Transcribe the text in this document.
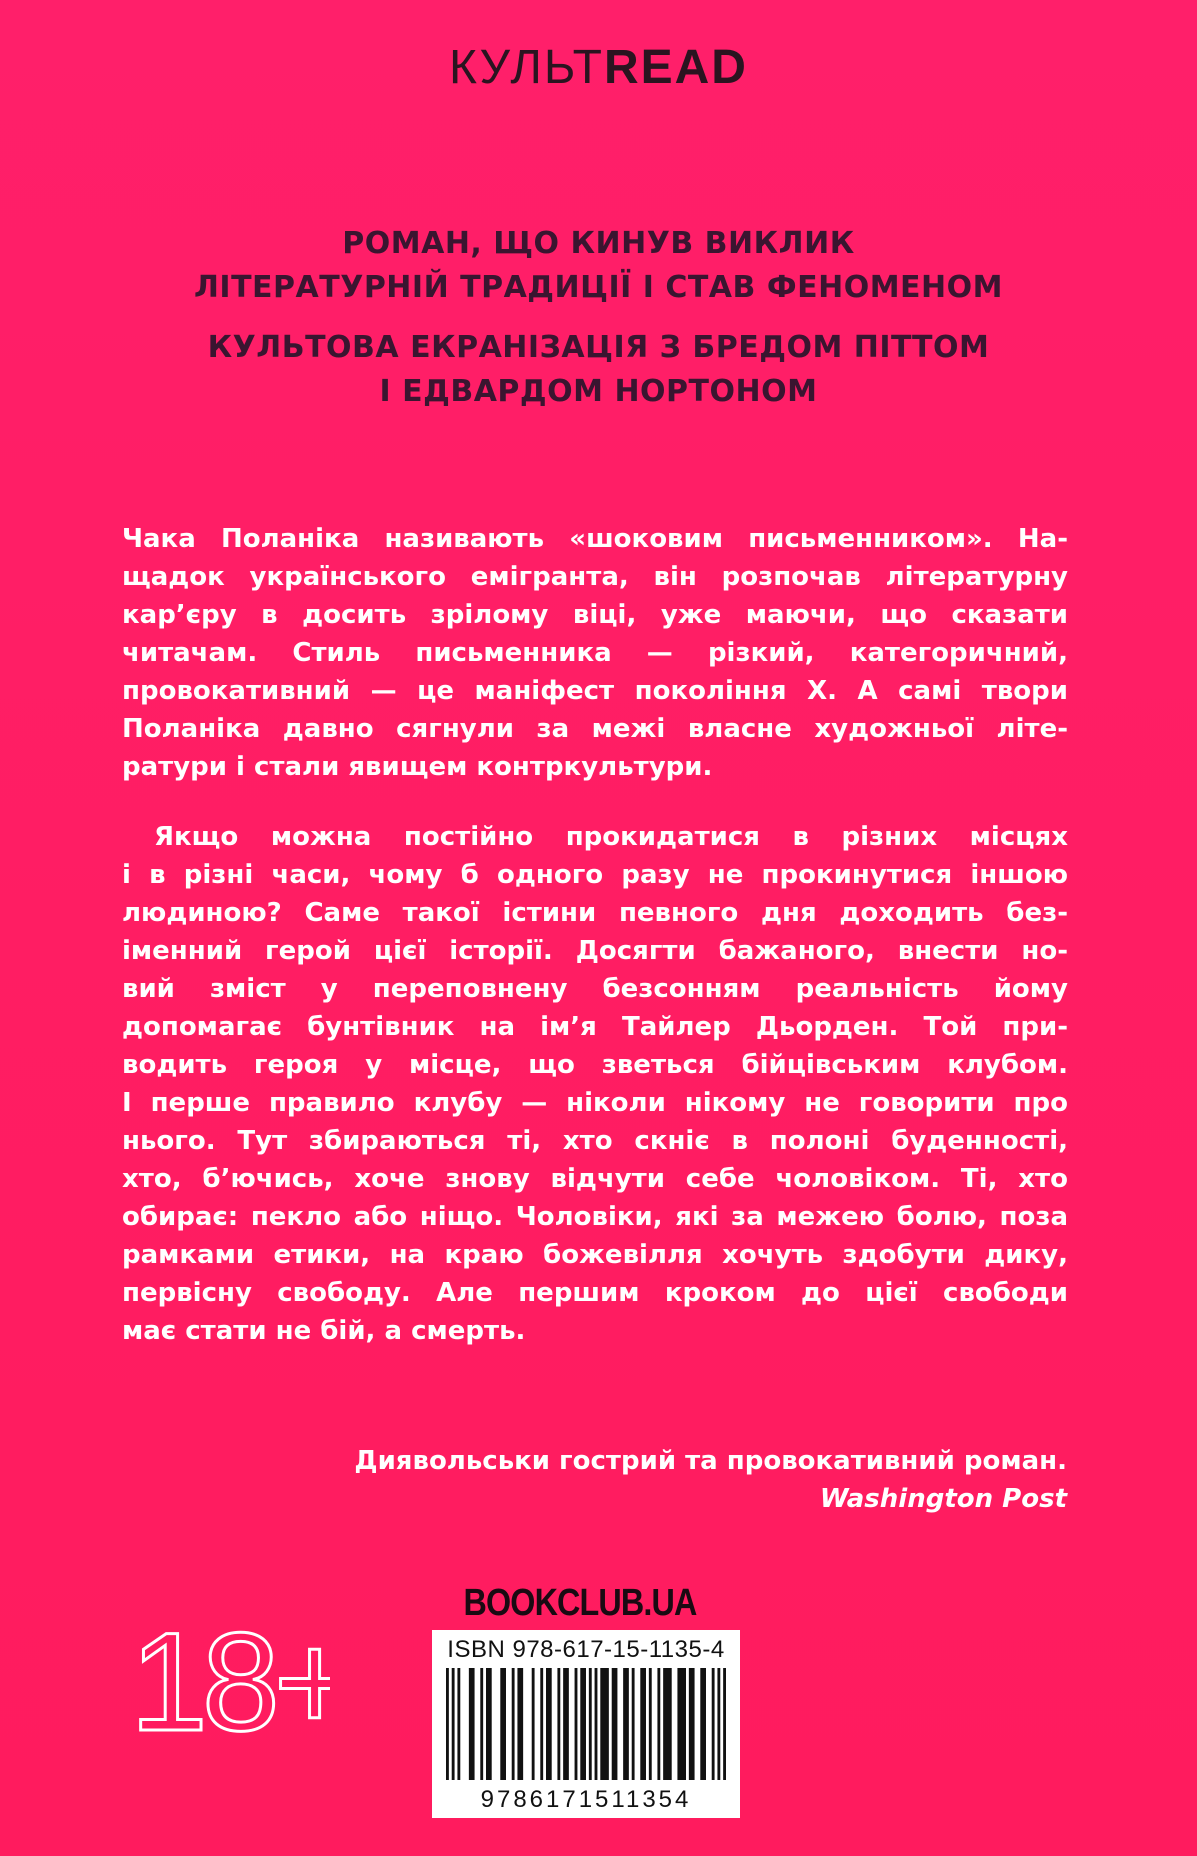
КУЛЬТREAD
РОМАН, ЩО КИНУВ ВИКЛИК
ЛІТЕРАТУРНІЙ ТРАДИЦІЇ І СТАВ ФЕНОМЕНОМ
КУЛЬТОВА ЕКРАНІЗАЦІЯ З БРЕДОМ ПІТТОМ
І ЕДВАРДОМ НОРТОНОМ

Чака Поланіка називають «шоковим письменником». На-
щадок українського емігранта, він розпочав літературну
кар’єру в досить зрілому віці, уже маючи, що сказати
читачам. Стиль письменника — різкий, категоричний,
провокативний — це маніфест покоління X. А самі твори
Поланіка давно сягнули за межі власне художньої літе-
ратури і стали явищем контркультури.

Якщо можна постійно прокидатися в різних місцях
і в різні часи, чому б одного разу не прокинутися іншою
людиною? Саме такої істини певного дня доходить без-
іменний герой цієї історії. Досягти бажаного, внести но-
вий зміст у переповнену безсонням реальність йому
допомагає бунтівник на ім’я Тайлер Дьорден. Той при-
водить героя у місце, що зветься бійцівським клубом.
І перше правило клубу — ніколи нікому не говорити про
нього. Тут збираються ті, хто скніє в полоні буденності,
хто, б’ючись, хоче знову відчути себе чоловіком. Ті, хто
обирає: пекло або ніщо. Чоловіки, які за межею болю, поза
рамками етики, на краю божевілля хочуть здобути дику,
первісну свободу. Але першим кроком до цієї свободи
має стати не бій, а смерть.

Диявольськи гострий та провокативний роман.
Washington Post
BOOKCLUB.UA
18+	ISBN 978-617-15-1135-4
9786171511354
